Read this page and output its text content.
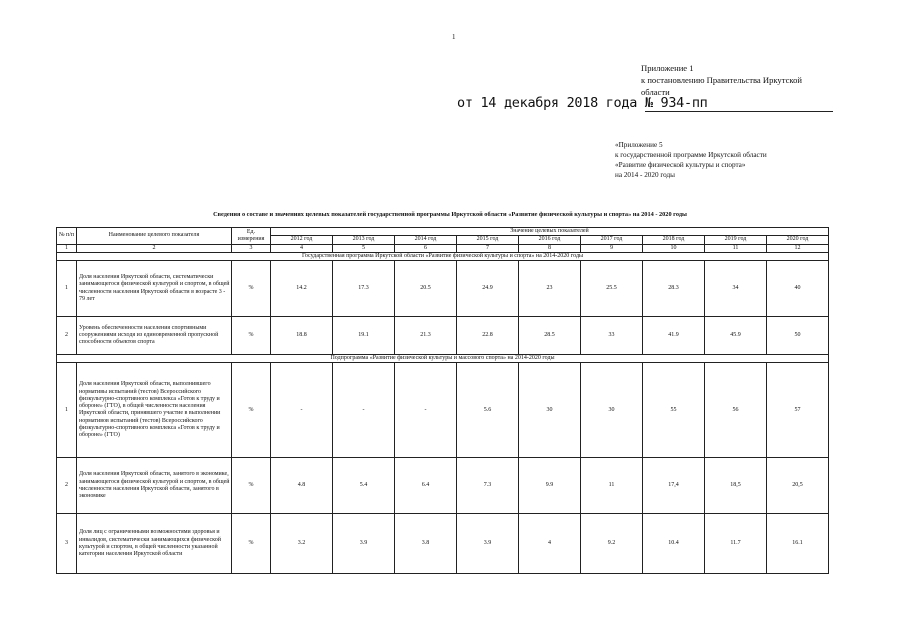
1
Приложение 1
к постановлению Правительства Иркутской
области
от 14 декабря 2018 года № 934-пп
«Приложение 5
к государственной программе Иркутской области
«Развитие физической культуры и спорта»
на 2014 - 2020 годы
Сведения о составе и значениях целевых показателей государственной программы Иркутской области «Развитие физической культуры и спорта» на 2014 - 2020 годы
№ п/п	Наименование целевого показателя	Ед. измерения	Значение целевых показателей								
			2012 год	2013 год	2014 год	2015 год	2016 год	2017 год	2018 год	2019 год	2020 год
1	2	3	4	5	6	7	8	9	10	11	12
Государственная программа Иркутской области «Развитие физической культуры и спорта» на 2014-2020 годы											
1	Доля населения Иркутской области, систематически занимающегося физической культурой и спортом, в общей численности населения Иркутской области в возрасте 3 - 79 лет	%	14.2	17.3	20.5	24.9	23	25.5	28.3	34	40
2	Уровень обеспеченности населения спортивными сооружениями исходя из единовременной пропускной способности объектов спорта	%	18.8	19.1	21.3	22.8	28.5	33	41.9	45.9	50
Подпрограмма «Развитие физической культуры и массового спорта» на 2014-2020 годы											
1	Доля населения Иркутской области, выполнившего нормативы испытаний (тестов) Всероссийского физкультурно-спортивного комплекса «Готов к труду и обороне» (ГТО), в общей численности населения Иркутской области, принявшего участие в выполнении нормативов испытаний (тестов) Всероссийского физкультурно-спортивного комплекса «Готов к труду и обороне» (ГТО)	%	-	-	-	5.6	30	30	55	56	57
2	Доля населения Иркутской области, занятого в экономике, занимающегося физической культурой и спортом, в общей численности населения Иркутской области, занятого в экономике	%	4.8	5.4	6.4	7.3	9.9	11	17,4	18,5	20,5
3	Доля лиц с ограниченными возможностями здоровья и инвалидов, систематически занимающихся физической культурой и спортом, в общей численности указанной категории населения Иркутской области	%	3.2	3.9	3.8	3.9	4	9.2	10.4	11.7	16.1
